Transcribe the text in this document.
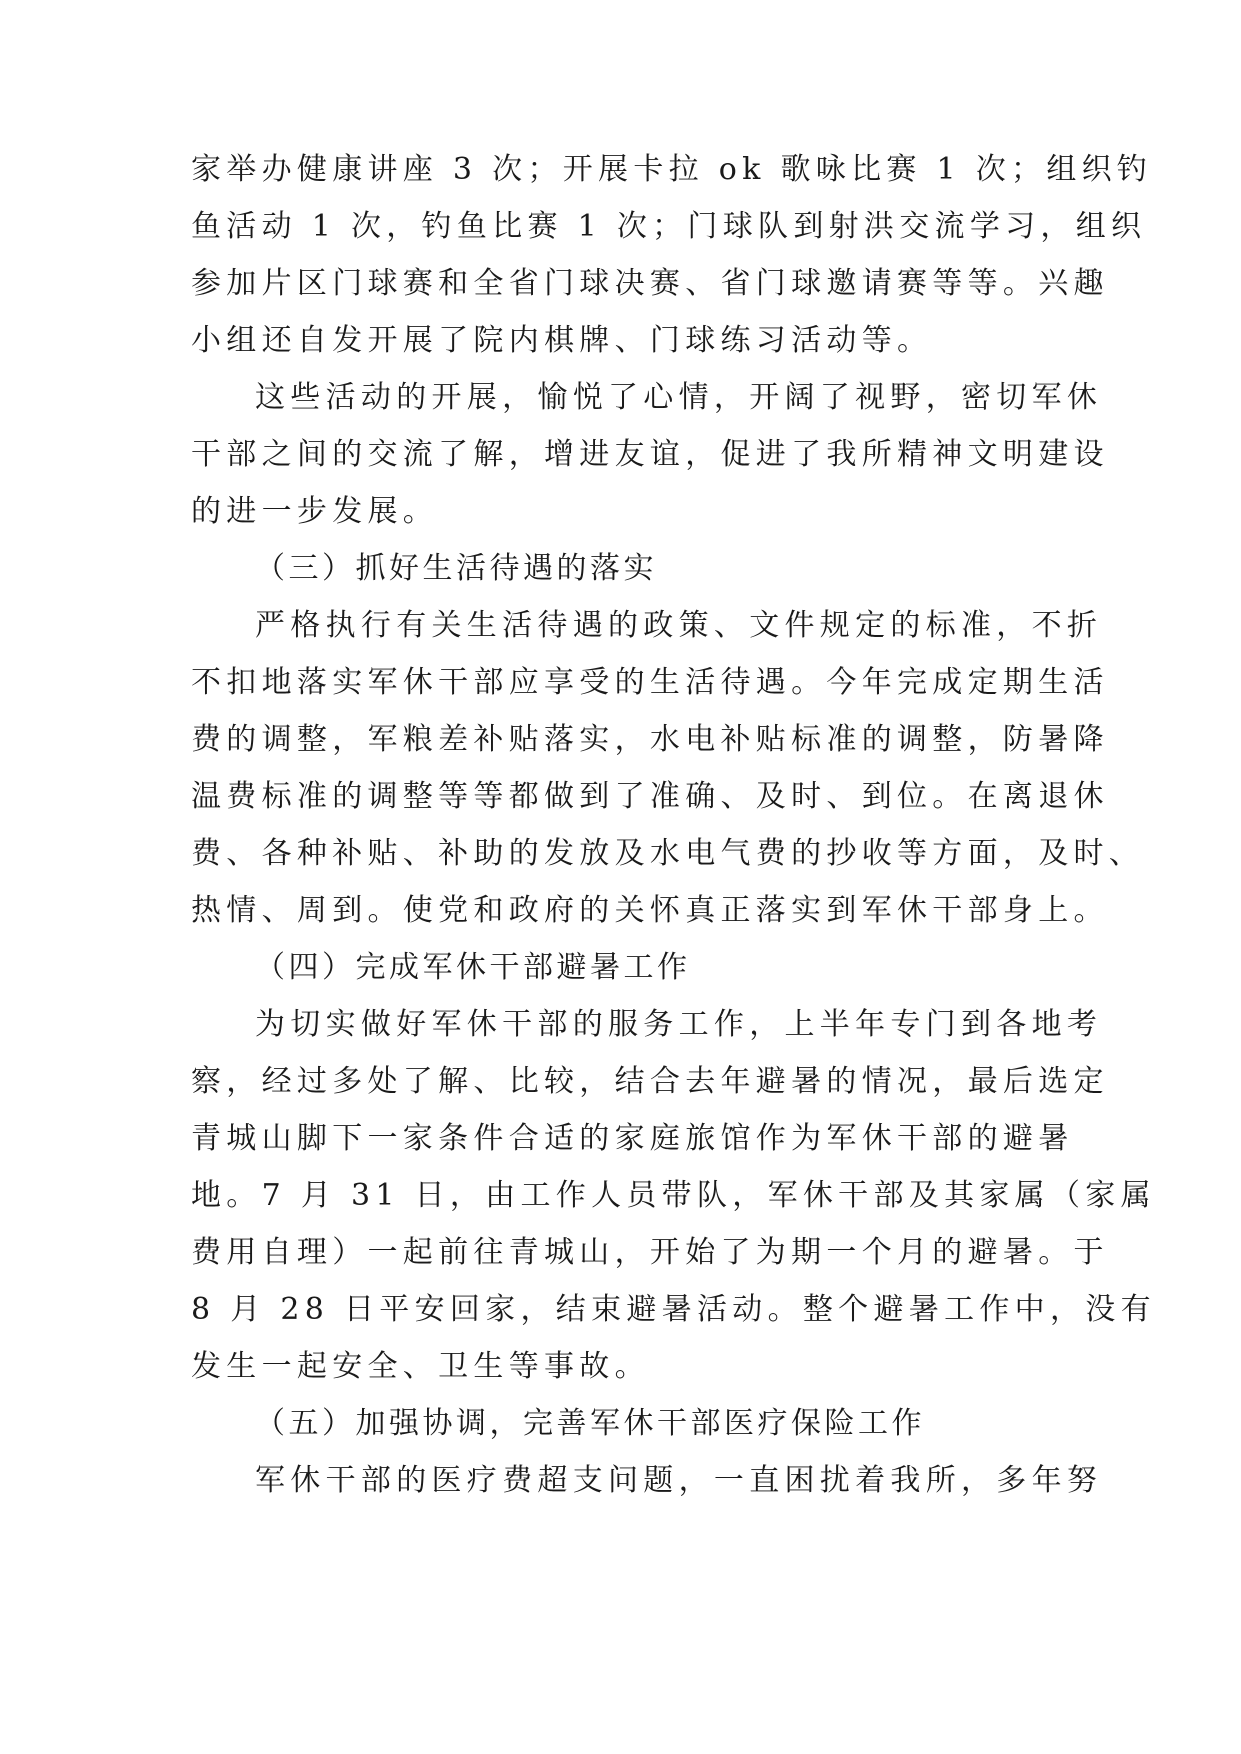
家举办健康讲座 3 次；开展卡拉 ok 歌咏比赛 1 次；组织钓
鱼活动 1 次，钓鱼比赛 1 次；门球队到射洪交流学习，组织
参加片区门球赛和全省门球决赛、省门球邀请赛等等。兴趣
小组还自发开展了院内棋牌、门球练习活动等。
这些活动的开展，愉悦了心情，开阔了视野，密切军休
干部之间的交流了解，增进友谊，促进了我所精神文明建设
的进一步发展。
（三）抓好生活待遇的落实
严格执行有关生活待遇的政策、文件规定的标准，不折
不扣地落实军休干部应享受的生活待遇。今年完成定期生活
费的调整，军粮差补贴落实，水电补贴标准的调整，防暑降
温费标准的调整等等都做到了准确、及时、到位。在离退休
费、各种补贴、补助的发放及水电气费的抄收等方面，及时、
热情、周到。使党和政府的关怀真正落实到军休干部身上。
（四）完成军休干部避暑工作
为切实做好军休干部的服务工作，上半年专门到各地考
察，经过多处了解、比较，结合去年避暑的情况，最后选定
青城山脚下一家条件合适的家庭旅馆作为军休干部的避暑
地。7 月 31 日，由工作人员带队，军休干部及其家属（家属
费用自理）一起前往青城山，开始了为期一个月的避暑。于
8 月 28 日平安回家，结束避暑活动。整个避暑工作中，没有
发生一起安全、卫生等事故。
（五）加强协调，完善军休干部医疗保险工作
军休干部的医疗费超支问题，一直困扰着我所，多年努
